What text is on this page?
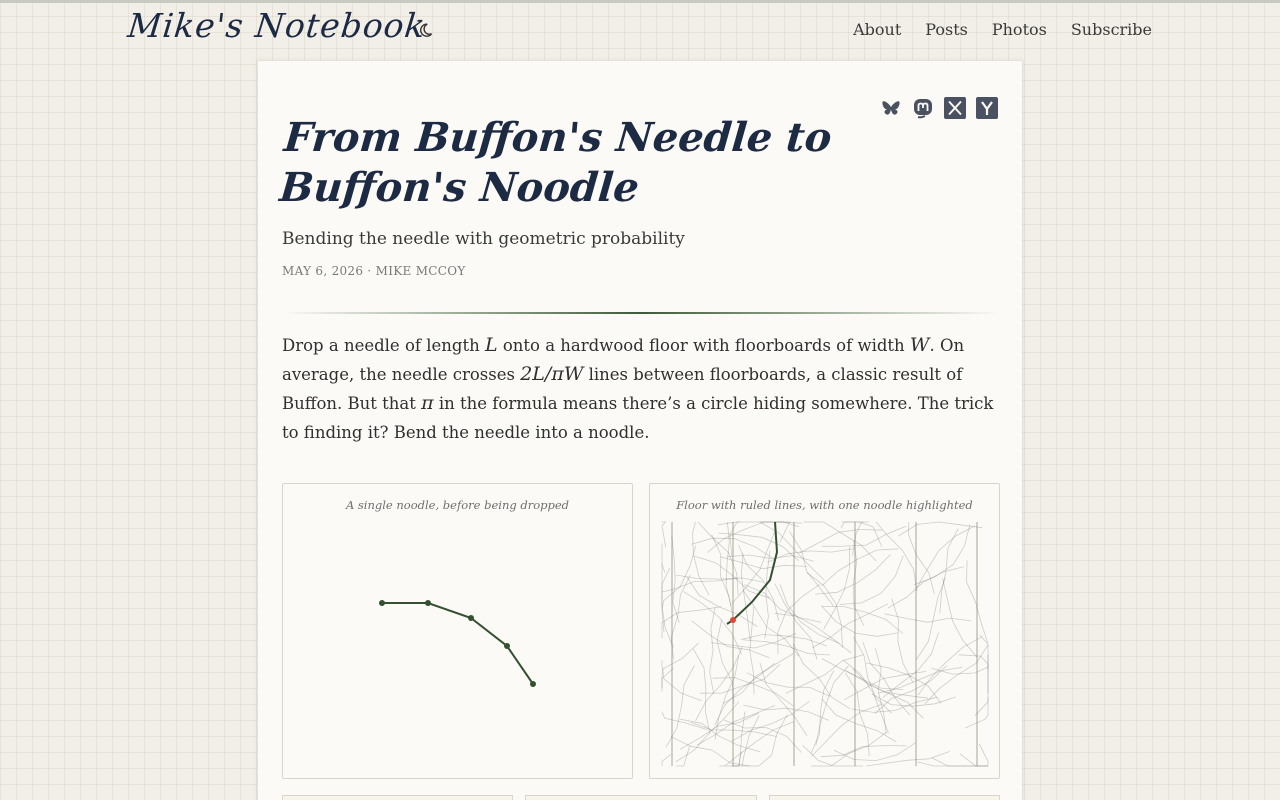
Mike's Notebook	About Posts Photos Subscribe
From Buffon's Needle to Buffon's Noodle
Bending the needle with geometric probability
MAY 6, 2026 · MIKE MCCOY

Drop a needle of length L onto a hardwood floor with floorboards of width W. On average, the needle crosses 2L/πW lines between floorboards, a classic result of Buffon. But that π in the formula means there’s a circle hiding somewhere. The trick to finding it? Bend the needle into a noodle.

A single noodle, before being dropped	Floor with ruled lines, with one noodle highlighted
